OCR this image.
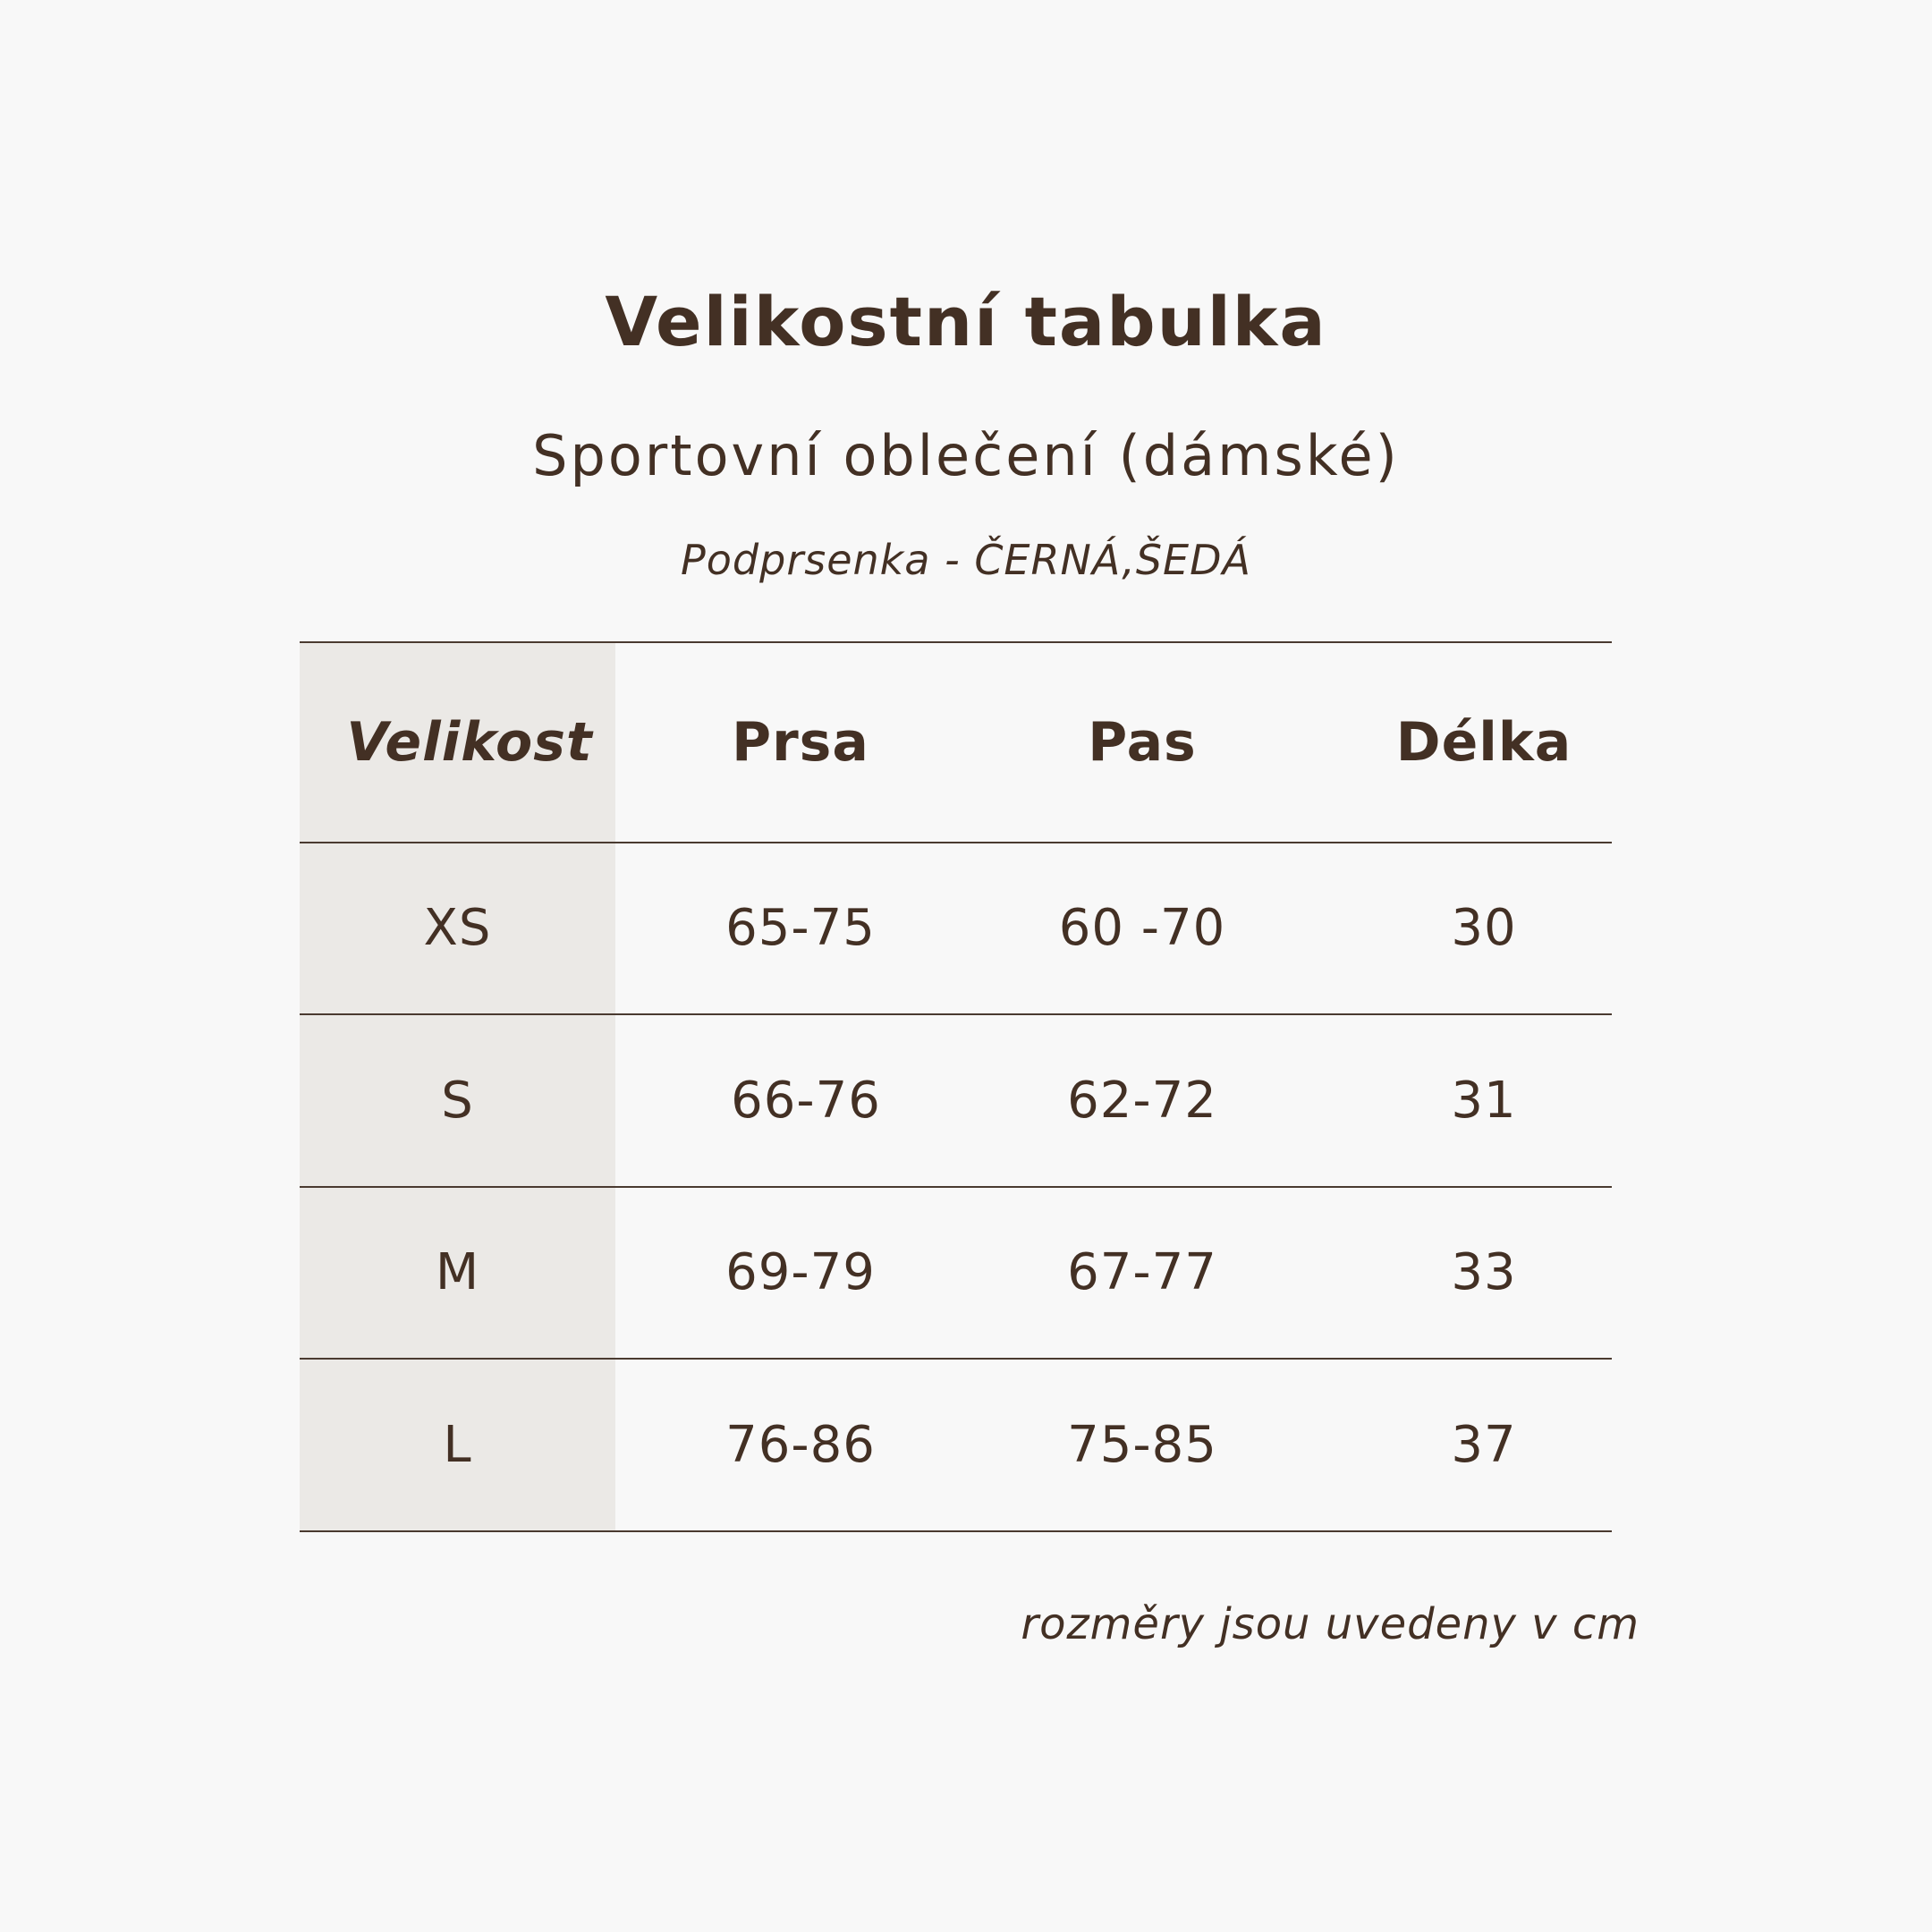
Velikostní tabulka
Sportovní oblečení (dámské)
Podprsenka - ČERNÁ,ŠEDÁ
Velikost	Prsa	Pas	Délka
XS	65-75	60 -70	30
S	66-76	62-72	31
M	69-79	67-77	33
L	76-86	75-85	37
rozměry jsou uvedeny v cm
